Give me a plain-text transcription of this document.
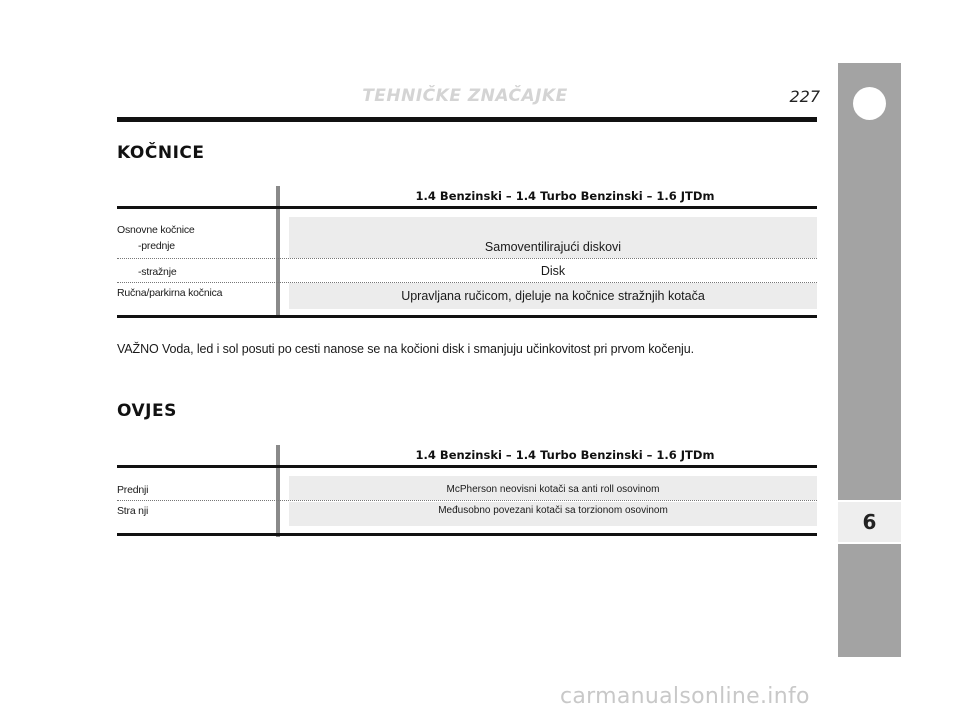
TEHNIČKE ZNAČAJKE	227
6
KOČNICE
1.4 Benzinski – 1.4 Turbo Benzinski – 1.6 JTDm
Osnovne kočnice
-prednje	Samoventilirajući diskovi
-stražnje	Disk
Ručna/parkirna kočnica	Upravljana ručicom, djeluje na kočnice stražnjih kotača
VAŽNO Voda, led i sol posuti po cesti nanose se na kočioni disk i smanjuju učinkovitost pri prvom kočenju.
OVJES
1.4 Benzinski – 1.4 Turbo Benzinski – 1.6 JTDm
Prednji	McPherson neovisni kotači sa anti roll osovinom
Stra nji	Međusobno povezani kotači sa torzionom osovinom
carmanualsonline.info
